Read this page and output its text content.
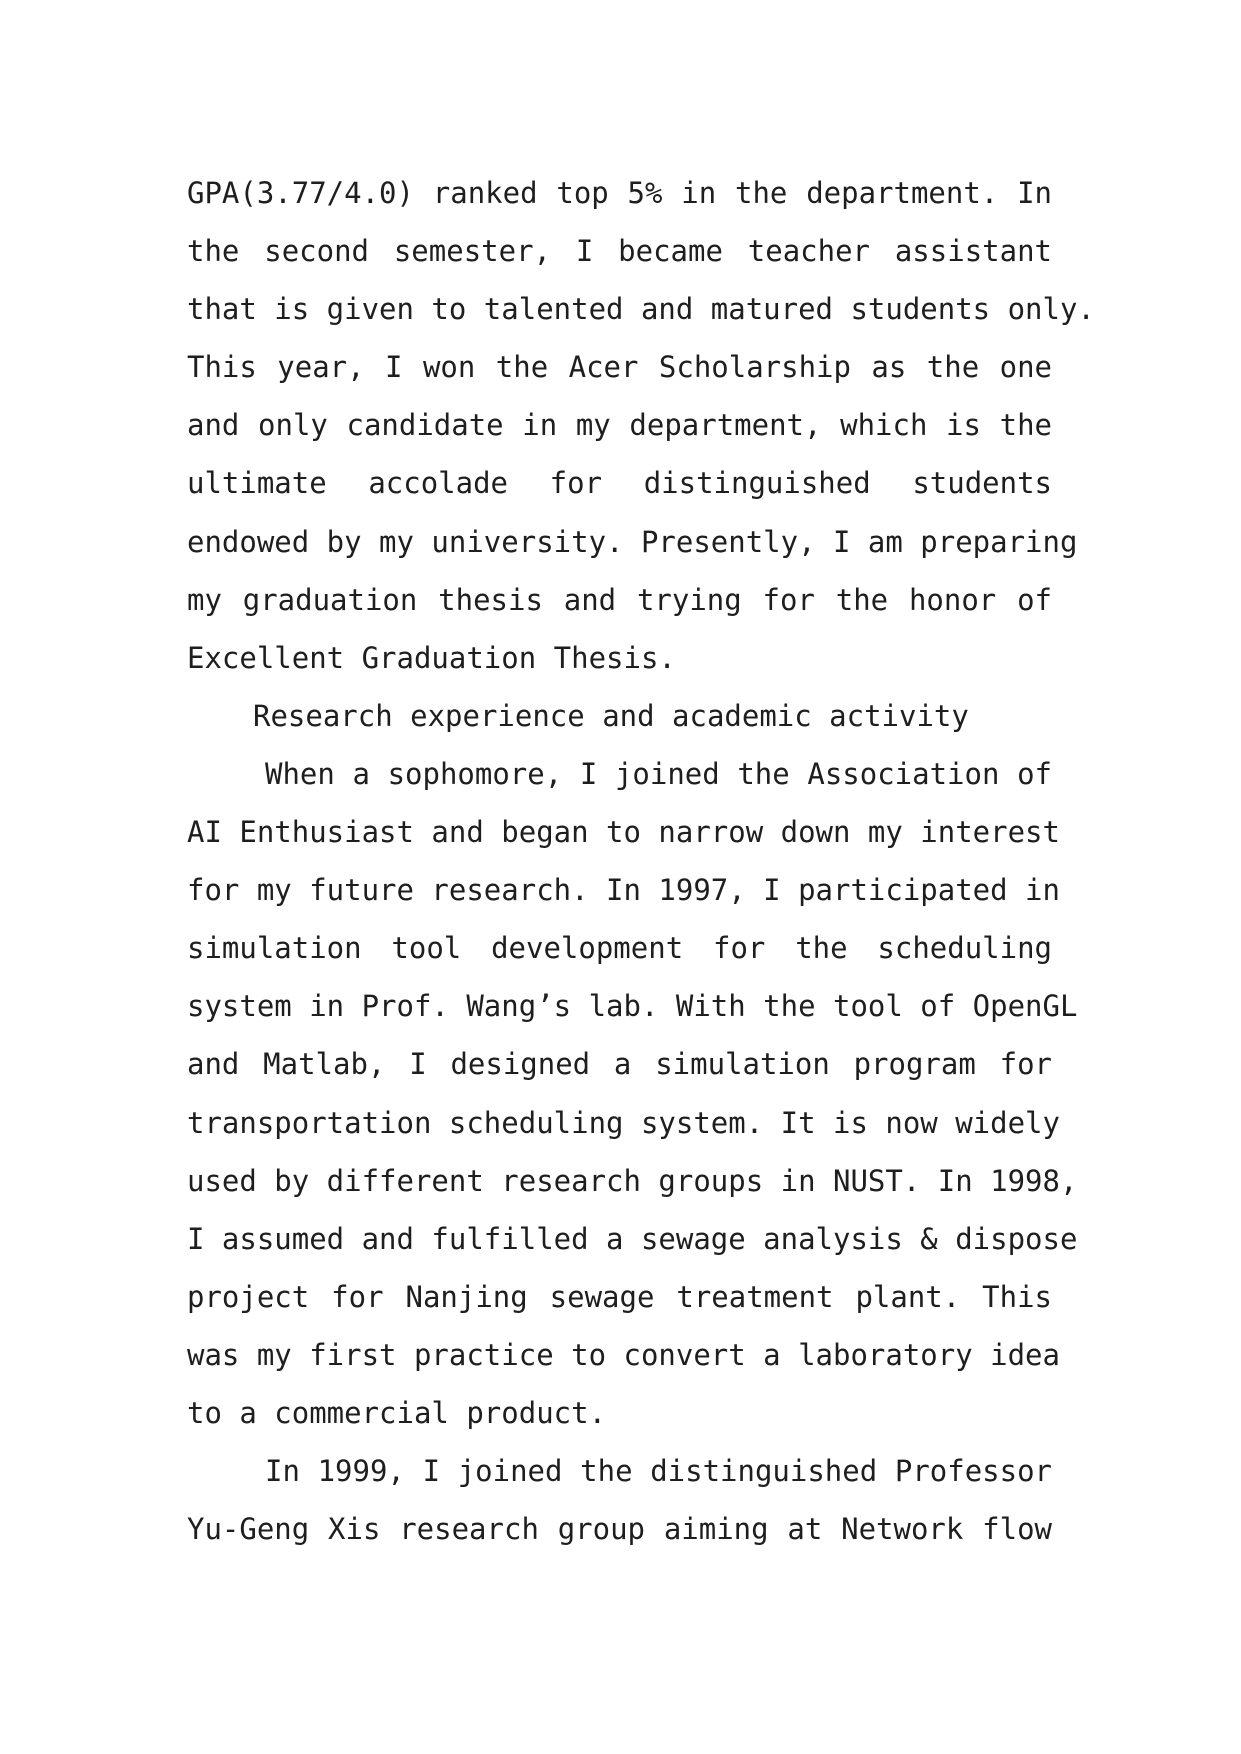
GPA(3.77/4.0) ranked top 5% in the department. In
the second semester, I became teacher assistant
that is given to talented and matured students only.
This year, I won the Acer Scholarship as the one
and only candidate in my department, which is the
ultimate accolade for distinguished students
endowed by my university. Presently, I am preparing
my graduation thesis and trying for the honor of
Excellent Graduation Thesis.
Research experience and academic activity
When a sophomore, I joined the Association of
AI Enthusiast and began to narrow down my interest
for my future research. In 1997, I participated in
simulation tool development for the scheduling
system in Prof. Wang’s lab. With the tool of OpenGL
and Matlab, I designed a simulation program for
transportation scheduling system. It is now widely
used by different research groups in NUST. In 1998,
I assumed and fulfilled a sewage analysis & dispose
project for Nanjing sewage treatment plant. This
was my first practice to convert a laboratory idea
to a commercial product.
In 1999, I joined the distinguished Professor
Yu-Geng Xis research group aiming at Network flow
